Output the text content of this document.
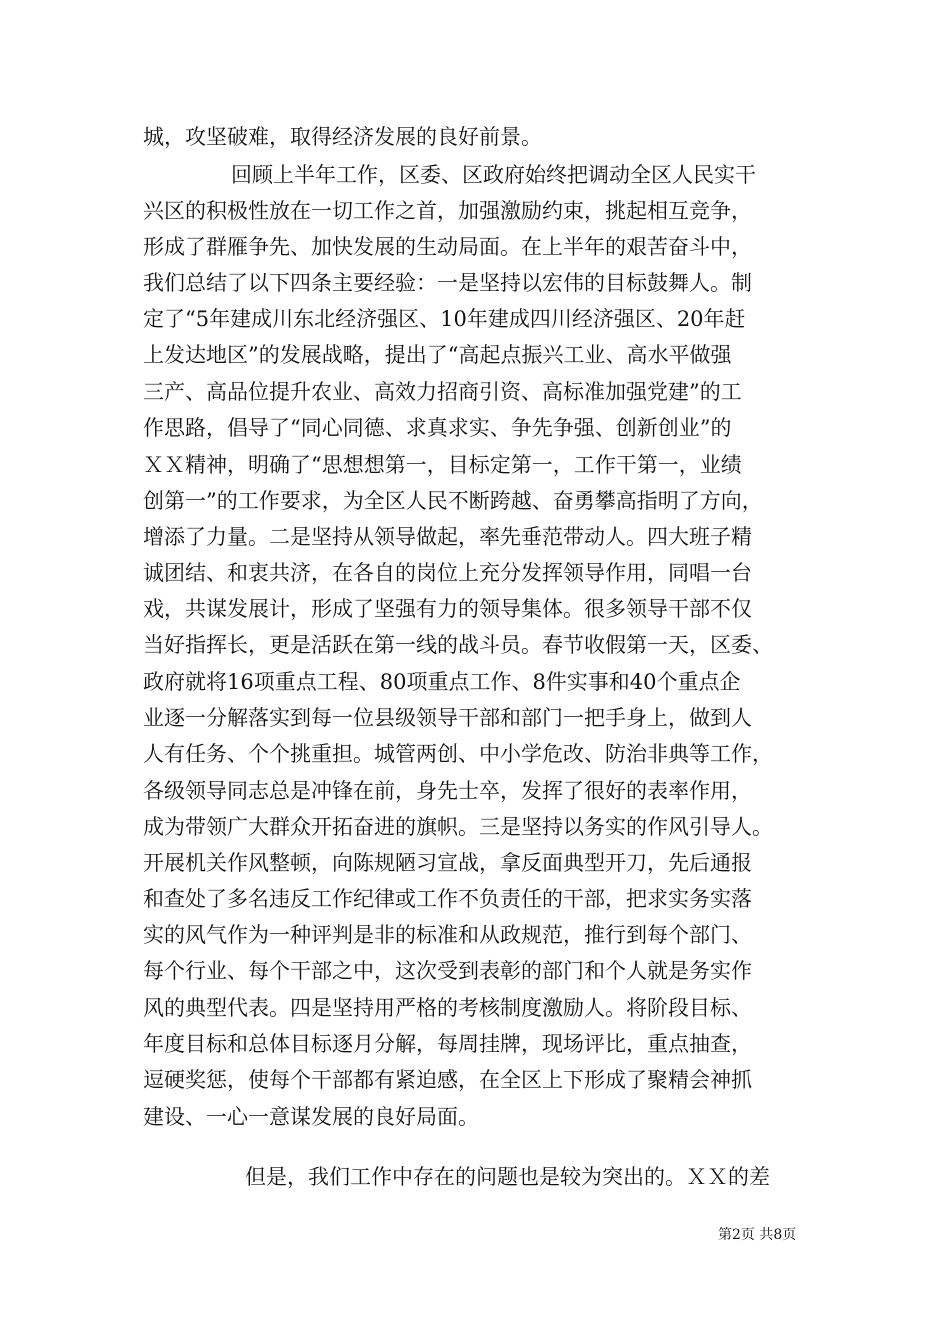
城，攻坚破难，取得经济发展的良好前景。
回顾上半年工作，区委、区政府始终把调动全区人民实干
兴区的积极性放在一切工作之首，加强激励约束，挑起相互竞争，
形成了群雁争先、加快发展的生动局面。在上半年的艰苦奋斗中，
我们总结了以下四条主要经验：一是坚持以宏伟的目标鼓舞人。制
定了“5年建成川东北经济强区、10年建成四川经济强区、20年赶
上发达地区”的发展战略，提出了“高起点振兴工业、高水平做强
三产、高品位提升农业、高效力招商引资、高标准加强党建”的工
作思路，倡导了“同心同德、求真求实、争先争强、创新创业”的
ＸＸ精神，明确了“思想想第一，目标定第一，工作干第一，业绩
创第一”的工作要求，为全区人民不断跨越、奋勇攀高指明了方向，
增添了力量。二是坚持从领导做起，率先垂范带动人。四大班子精
诚团结、和衷共济，在各自的岗位上充分发挥领导作用，同唱一台
戏，共谋发展计，形成了坚强有力的领导集体。很多领导干部不仅
当好指挥长，更是活跃在第一线的战斗员。春节收假第一天，区委、
政府就将16项重点工程、80项重点工作、8件实事和40个重点企
业逐一分解落实到每一位县级领导干部和部门一把手身上，做到人
人有任务、个个挑重担。城管两创、中小学危改、防治非典等工作，
各级领导同志总是冲锋在前，身先士卒，发挥了很好的表率作用，
成为带领广大群众开拓奋进的旗帜。三是坚持以务实的作风引导人。
开展机关作风整顿，向陈规陋习宣战，拿反面典型开刀，先后通报
和查处了多名违反工作纪律或工作不负责任的干部，把求实务实落
实的风气作为一种评判是非的标准和从政规范，推行到每个部门、
每个行业、每个干部之中，这次受到表彰的部门和个人就是务实作
风的典型代表。四是坚持用严格的考核制度激励人。将阶段目标、
年度目标和总体目标逐月分解，每周挂牌，现场评比，重点抽查，
逗硬奖惩，使每个干部都有紧迫感，在全区上下形成了聚精会神抓
建设、一心一意谋发展的良好局面。
但是，我们工作中存在的问题也是较为突出的。ＸＸ的差
第2页 共8页
